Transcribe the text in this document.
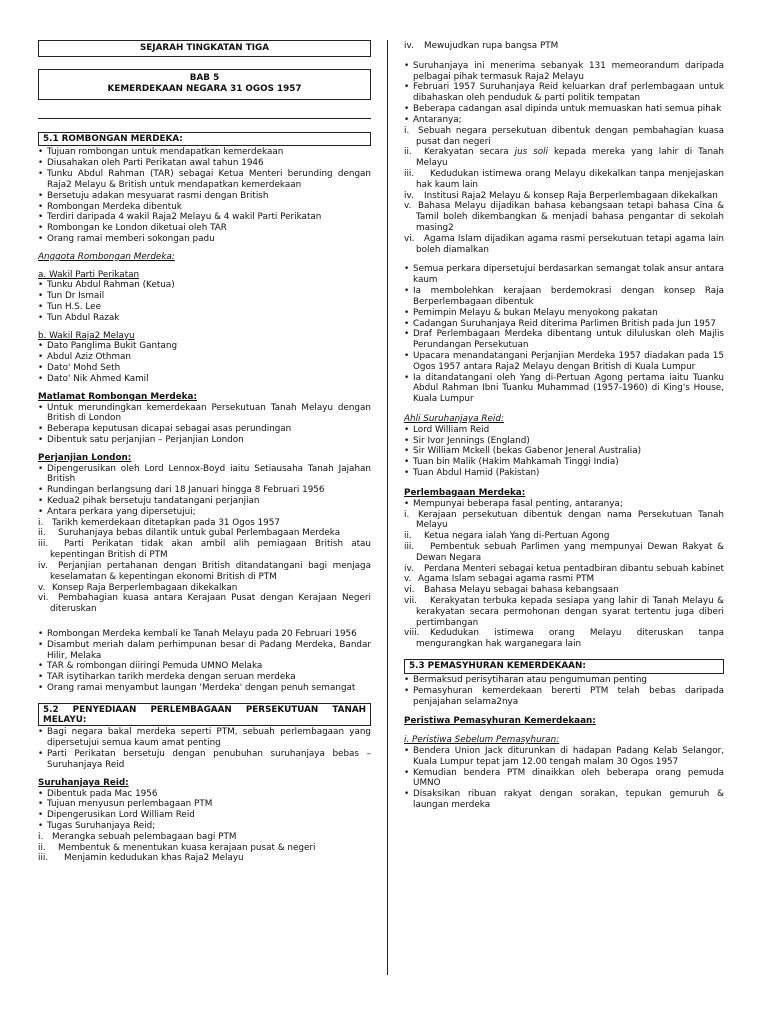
SEJARAH TINGKATAN TIGA
BAB 5
KEMERDEKAAN NEGARA 31 OGOS 1957
5.1 ROMBONGAN MERDEKA:
• Tujuan rombongan untuk mendapatkan kemerdekaan
• Diusahakan oleh Parti Perikatan awal tahun 1946
• Tunku Abdul Rahman (TAR) sebagai Ketua Menteri berunding dengan Raja2 Melayu & British untuk mendapatkan kemerdekaan
• Bersetuju adakan mesyuarat rasmi dengan British
• Rombongan Merdeka dibentuk
• Terdiri daripada 4 wakil Raja2 Melayu & 4 wakil Parti Perikatan
• Rombongan ke London diketuai oleh TAR
• Orang ramai memberi sokongan padu
Anggota Rombongan Merdeka:
a. Wakil Parti Perikatan
• Tunku Abdul Rahman (Ketua)
• Tun Dr Ismail
• Tun H.S. Lee
• Tun Abdul Razak
b. Wakil Raja2 Melayu
• Dato Panglima Bukit Gantang
• Abdul Aziz Othman
• Dato' Mohd Seth
• Dato' Nik Ahmed Kamil
Matlamat Rombongan Merdeka:
• Untuk merundingkan kemerdekaan Persekutuan Tanah Melayu dengan British di London
• Beberapa keputusan dicapai sebagai asas perundingan
• Dibentuk satu perjanjian – Perjanjian London
Perjanjian London:
• Dipengerusikan oleh Lord Lennox-Boyd iaitu Setiausaha Tanah Jajahan British
• Rundingan berlangsung dari 18 Januari hingga 8 Februari 1956
• Kedua2 pihak bersetuju tandatangani perjanjian
• Antara perkara yang dipersetujui;
i. Tarikh kemerdekaan ditetapkan pada 31 Ogos 1957
ii. Suruhanjaya bebas dilantik untuk gubal Perlembagaan Merdeka
iii. Parti Perikatan tidak akan ambil alih pemiagaan British atau kepentingan British di PTM
iv. Perjanjian pertahanan dengan British ditandatangani bagi menjaga keselamatan & kepentingan ekonomi British di PTM
v. Konsep Raja Berperlembagaan dikekalkan
vi. Pembahagian kuasa antara Kerajaan Pusat dengan Kerajaan Negeri diteruskan
• Rombongan Merdeka kembali ke Tanah Melayu pada 20 Februari 1956
• Disambut meriah dalam perhimpunan besar di Padang Merdeka, Bandar Hilir, Melaka
• TAR & rombongan diiringi Pemuda UMNO Melaka
• TAR isytiharkan tarikh merdeka dengan seruan merdeka
• Orang ramai menyambut laungan 'Merdeka' dengan penuh semangat
5.2 PENYEDIAAN PERLEMBAGAAN PERSEKUTUAN TANAH
MELAYU:
• Bagi negara bakal merdeka seperti PTM, sebuah perlembagaan yang dipersetujui semua kaum amat penting
• Parti Perikatan bersetuju dengan penubuhan suruhanjaya bebas – Suruhanjaya Reid
Suruhanjaya Reid:
• Dibentuk pada Mac 1956
• Tujuan menyusun perlembagaan PTM
• Dipengerusikan Lord William Reid
• Tugas Suruhanjaya Reid;
i. Merangka sebuah pelembagaan bagi PTM
ii. Membentuk & menentukan kuasa kerajaan pusat & negeri
iii. Menjamin kedudukan khas Raja2 Melayu
iv. Mewujudkan rupa bangsa PTM
• Suruhanjaya ini menerima sebanyak 131 memeorandum daripada pelbagai pihak termasuk Raja2 Melayu
• Februari 1957 Suruhanjaya Reid keluarkan draf perlembagaan untuk dibahaskan oleh penduduk & parti politik tempatan
• Beberapa cadangan asal dipinda untuk memuaskan hati semua pihak
• Antaranya;
i. Sebuah negara persekutuan dibentuk dengan pembahagian kuasa pusat dan negeri
ii. Kerakyatan secara jus soli kepada mereka yang lahir di Tanah Melayu
iii. Kedudukan istimewa orang Melayu dikekalkan tanpa menjejaskan hak kaum lain
iv. Institusi Raja2 Melayu & konsep Raja Berperlembagaan dikekalkan
v. Bahasa Melayu dijadikan bahasa kebangsaan tetapi bahasa Cina & Tamil boleh dikembangkan & menjadi bahasa pengantar di sekolah masing2
vi. Agama Islam dijadikan agama rasmi persekutuan tetapi agama lain boleh diamalkan
• Semua perkara dipersetujui berdasarkan semangat tolak ansur antara kaum
• Ia membolehkan kerajaan berdemokrasi dengan konsep Raja Berperlembagaan dibentuk
• Pemimpin Melayu & bukan Melayu menyokong pakatan
• Cadangan Suruhanjaya Reid diterima Parlimen British pada Jun 1957
• Draf Perlembagaan Merdeka dibentang untuk diluluskan oleh Majlis Perundangan Persekutuan
• Upacara menandatangani Perjanjian Merdeka 1957 diadakan pada 15 Ogos 1957 antara Raja2 Melayu dengan British di Kuala Lumpur
• Ia ditandatangani oleh Yang di-Pertuan Agong pertama iaitu Tuanku Abdul Rahman Ibni Tuanku Muhammad (1957-1960) di King's House, Kuala Lumpur
Ahli Suruhanjaya Reid:
• Lord William Reid
• Sir Ivor Jennings (England)
• Sir William Mckell (bekas Gabenor Jeneral Australia)
• Tuan bin Malik (Hakim Mahkamah Tinggi India)
• Tuan Abdul Hamid (Pakistan)
Perlembagaan Merdeka:
• Mempunyai beberapa fasal penting, antaranya;
i. Kerajaan persekutuan dibentuk dengan nama Persekutuan Tanah Melayu
ii. Ketua negara ialah Yang di-Pertuan Agong
iii. Pembentuk sebuah Parlimen yang mempunyai Dewan Rakyat & Dewan Negara
iv. Perdana Menteri sebagai ketua pentadbiran dibantu sebuah kabinet
v. Agama Islam sebagai agama rasmi PTM
vi. Bahasa Melayu sebagai bahasa kebangsaan
vii. Kerakyatan terbuka kepada sesiapa yang lahir di Tanah Melayu & kerakyatan secara permohonan dengan syarat tertentu juga diberi pertimbangan
viii. Kedudukan istimewa orang Melayu diteruskan tanpa mengurangkan hak warganegara lain
5.3 PEMASYHURAN KEMERDEKAAN:
• Bermaksud perisytiharan atau pengumuman penting
• Pemasyhuran kemerdekaan bererti PTM telah bebas daripada penjajahan selama2nya
Peristiwa Pemasyhuran Kemerdekaan:
i. Peristiwa Sebelum Pemasyhuran:
• Bendera Union Jack diturunkan di hadapan Padang Kelab Selangor, Kuala Lumpur tepat jam 12.00 tengah malam 30 Ogos 1957
• Kemudian bendera PTM dinaikkan oleh beberapa orang pemuda UMNO
• Disaksikan ribuan rakyat dengan sorakan, tepukan gemuruh & laungan merdeka
